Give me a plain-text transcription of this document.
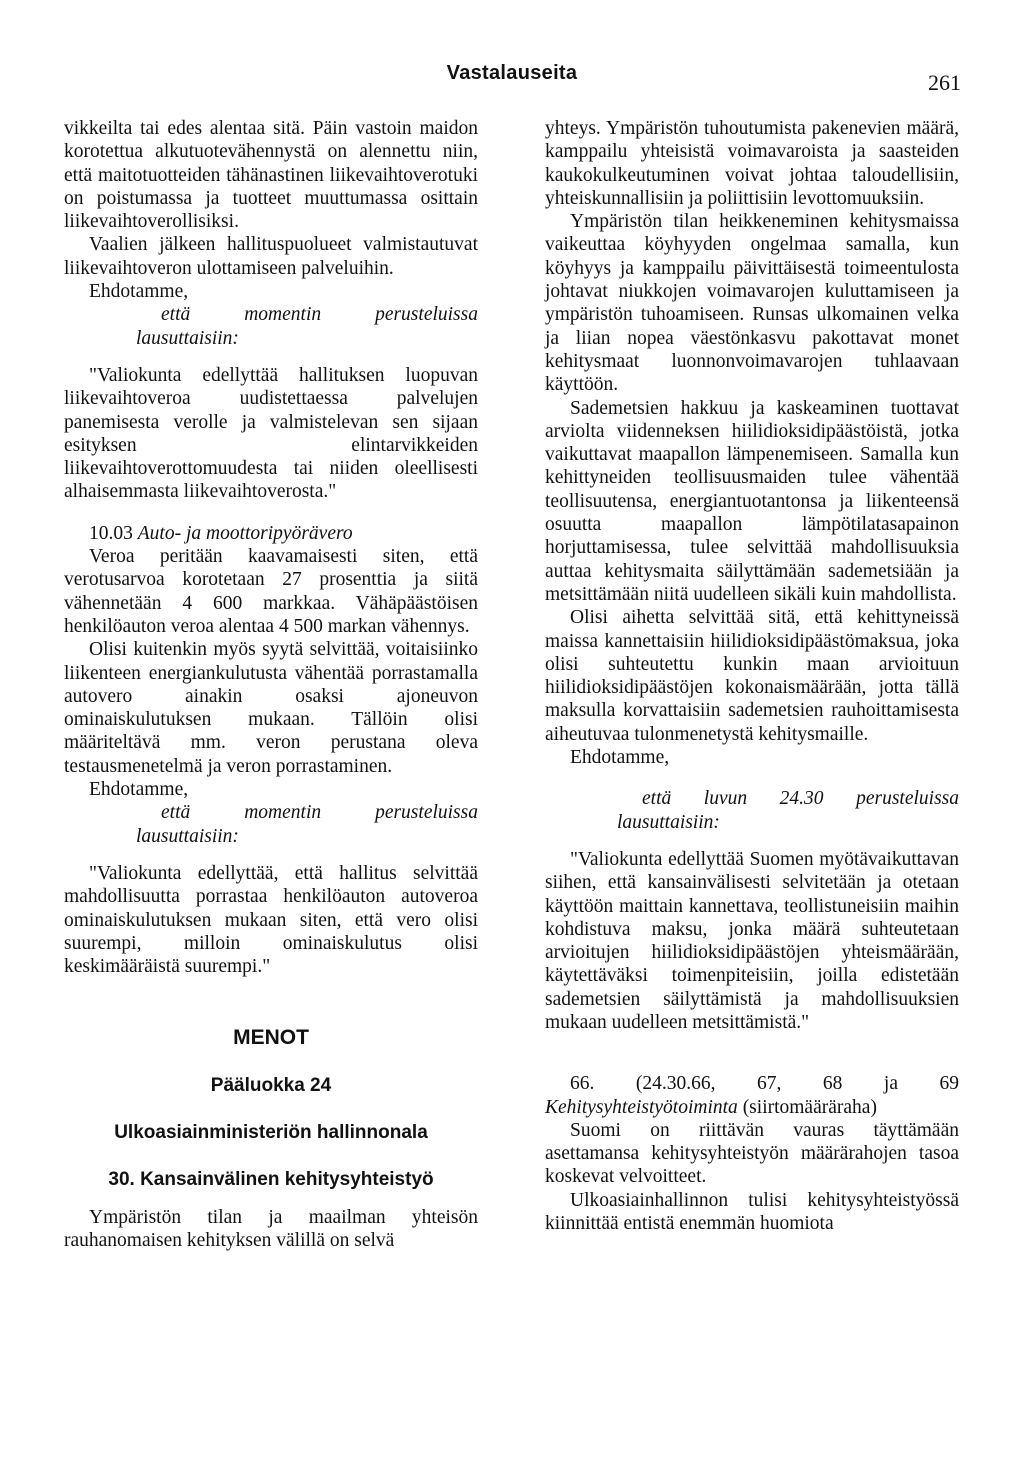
Vastalauseita	261

vikkeilta tai edes alentaa sitä. Päin vastoin maidon korotettua alkutuotevähennystä on alennettu niin, että maitotuotteiden tähänastinen liikevaihtoverotuki on poistumassa ja tuotteet muuttumassa osittain liikevaihtoverollisiksi.

Vaalien jälkeen hallituspuolueet valmistautuvat liikevaihtoveron ulottamiseen palveluihin.

Ehdotamme,

että momentin perusteluissa lausuttaisiin:

"Valiokunta edellyttää hallituksen luopuvan liikevaihtoveroa uudistettaessa palvelujen panemisesta verolle ja valmistelevan sen sijaan esityksen elintarvikkeiden liikevaihtoverottomuudesta tai niiden oleellisesti alhaisemmasta liikevaihtoverosta."

10.03 Auto- ja moottoripyörävero

Veroa peritään kaavamaisesti siten, että verotusarvoa korotetaan 27 prosenttia ja siitä vähennetään 4 600 markkaa. Vähäpäästöisen henkilöauton veroa alentaa 4 500 markan vähennys.

Olisi kuitenkin myös syytä selvittää, voitaisiinko liikenteen energiankulutusta vähentää porrastamalla autovero ainakin osaksi ajoneuvon ominaiskulutuksen mukaan. Tällöin olisi määriteltävä mm. veron perustana oleva testausmenetelmä ja veron porrastaminen.

Ehdotamme,

että momentin perusteluissa lausuttaisiin:

"Valiokunta edellyttää, että hallitus selvittää mahdollisuutta porrastaa henkilöauton autoveroa ominaiskulutuksen mukaan siten, että vero olisi suurempi, milloin ominaiskulutus olisi keskimääräistä suurempi."

MENOT

Pääluokka 24

Ulkoasiainministeriön hallinnonala

30. Kansainvälinen kehitysyhteistyö

Ympäristön tilan ja maailman yhteisön rauhanomaisen kehityksen välillä on selvä

yhteys. Ympäristön tuhoutumista pakenevien määrä, kamppailu yhteisistä voimavaroista ja saasteiden kaukokulkeutuminen voivat johtaa taloudellisiin, yhteiskunnallisiin ja poliittisiin levottomuuksiin.

Ympäristön tilan heikkeneminen kehitysmaissa vaikeuttaa köyhyyden ongelmaa samalla, kun köyhyys ja kamppailu päivittäisestä toimeentulosta johtavat niukkojen voimavarojen kuluttamiseen ja ympäristön tuhoamiseen. Runsas ulkomainen velka ja liian nopea väestönkasvu pakottavat monet kehitysmaat luonnonvoimavarojen tuhlaavaan käyttöön.

Sademetsien hakkuu ja kaskeaminen tuottavat arviolta viidenneksen hiilidioksidipäästöistä, jotka vaikuttavat maapallon lämpenemiseen. Samalla kun kehittyneiden teollisuusmaiden tulee vähentää teollisuutensa, energiantuotantonsa ja liikenteensä osuutta maapallon lämpötilatasapainon horjuttamisessa, tulee selvittää mahdollisuuksia auttaa kehitysmaita säilyttämään sademetsiään ja metsittämään niitä uudelleen sikäli kuin mahdollista.

Olisi aihetta selvittää sitä, että kehittyneissä maissa kannettaisiin hiilidioksidipäästömaksua, joka olisi suhteutettu kunkin maan arvioituun hiilidioksidipäästöjen kokonaismäärään, jotta tällä maksulla korvattaisiin sademetsien rauhoittamisesta aiheutuvaa tulonmenetystä kehitysmaille.

Ehdotamme,

että luvun 24.30 perusteluissa lausuttaisiin:

"Valiokunta edellyttää Suomen myötävaikuttavan siihen, että kansainvälisesti selvitetään ja otetaan käyttöön maittain kannettava, teollistuneisiin maihin kohdistuva maksu, jonka määrä suhteutetaan arvioitujen hiilidioksidipäästöjen yhteismäärään, käytettäväksi toimenpiteisiin, joilla edistetään sademetsien säilyttämistä ja mahdollisuuksien mukaan uudelleen metsittämistä."

66. (24.30.66, 67, 68 ja 69 Kehitysyhteistyötoiminta (siirtomääräraha)

Suomi on riittävän vauras täyttämään asettamansa kehitysyhteistyön määrärahojen tasoa koskevat velvoitteet.

Ulkoasiainhallinnon tulisi kehitysyhteistyössä kiinnittää entistä enemmän huomiota
